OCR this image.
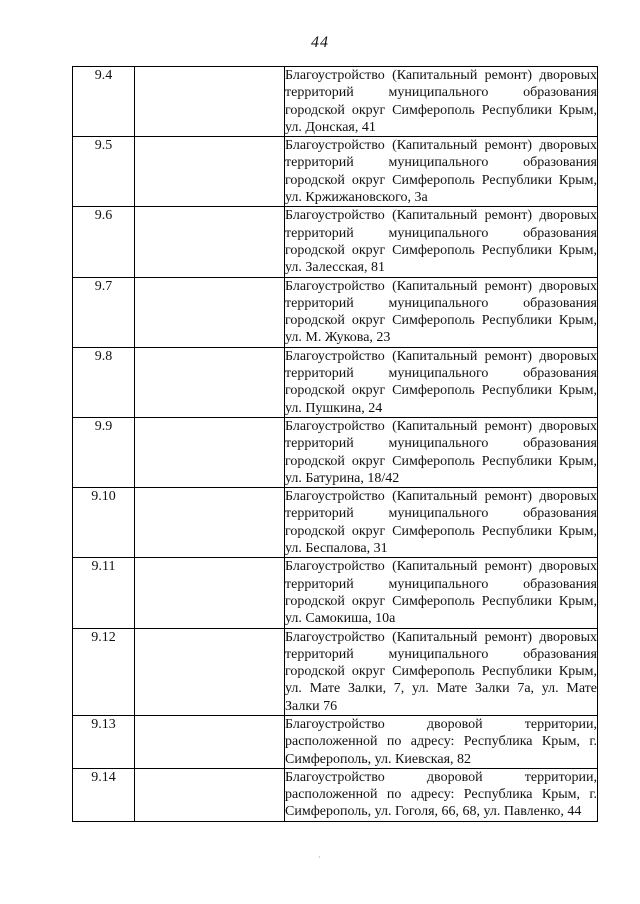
44
9.4		Благоустройство (Капитальный ремонт) дворовых территорий муниципального образования городской округ Симферополь Республики Крым, ул. Донская, 41
9.5		Благоустройство (Капитальный ремонт) дворовых территорий муниципального образования городской округ Симферополь Республики Крым, ул. Кржижановского, 3а
9.6		Благоустройство (Капитальный ремонт) дворовых территорий муниципального образования городской округ Симферополь Республики Крым, ул. Залесская, 81
9.7		Благоустройство (Капитальный ремонт) дворовых территорий муниципального образования городской округ Симферополь Республики Крым, ул. М. Жукова, 23
9.8		Благоустройство (Капитальный ремонт) дворовых территорий муниципального образования городской округ Симферополь Республики Крым, ул. Пушкина, 24
9.9		Благоустройство (Капитальный ремонт) дворовых территорий муниципального образования городской округ Симферополь Республики Крым, ул. Батурина, 18/42
9.10		Благоустройство (Капитальный ремонт) дворовых территорий муниципального образования городской округ Симферополь Республики Крым, ул. Беспалова, 31
9.11		Благоустройство (Капитальный ремонт) дворовых территорий муниципального образования городской округ Симферополь Республики Крым, ул. Самокиша, 10а
9.12		Благоустройство (Капитальный ремонт) дворовых территорий муниципального образования городской округ Симферополь Республики Крым, ул. Мате Залки, 7, ул. Мате Залки 7а, ул. Мате Залки 76
9.13		Благоустройство дворовой территории, расположенной по адресу: Республика Крым, г. Симферополь, ул. Киевская, 82
9.14		Благоустройство дворовой территории, расположенной по адресу: Республика Крым, г. Симферополь, ул. Гоголя, 66, 68, ул. Павленко, 44
·
